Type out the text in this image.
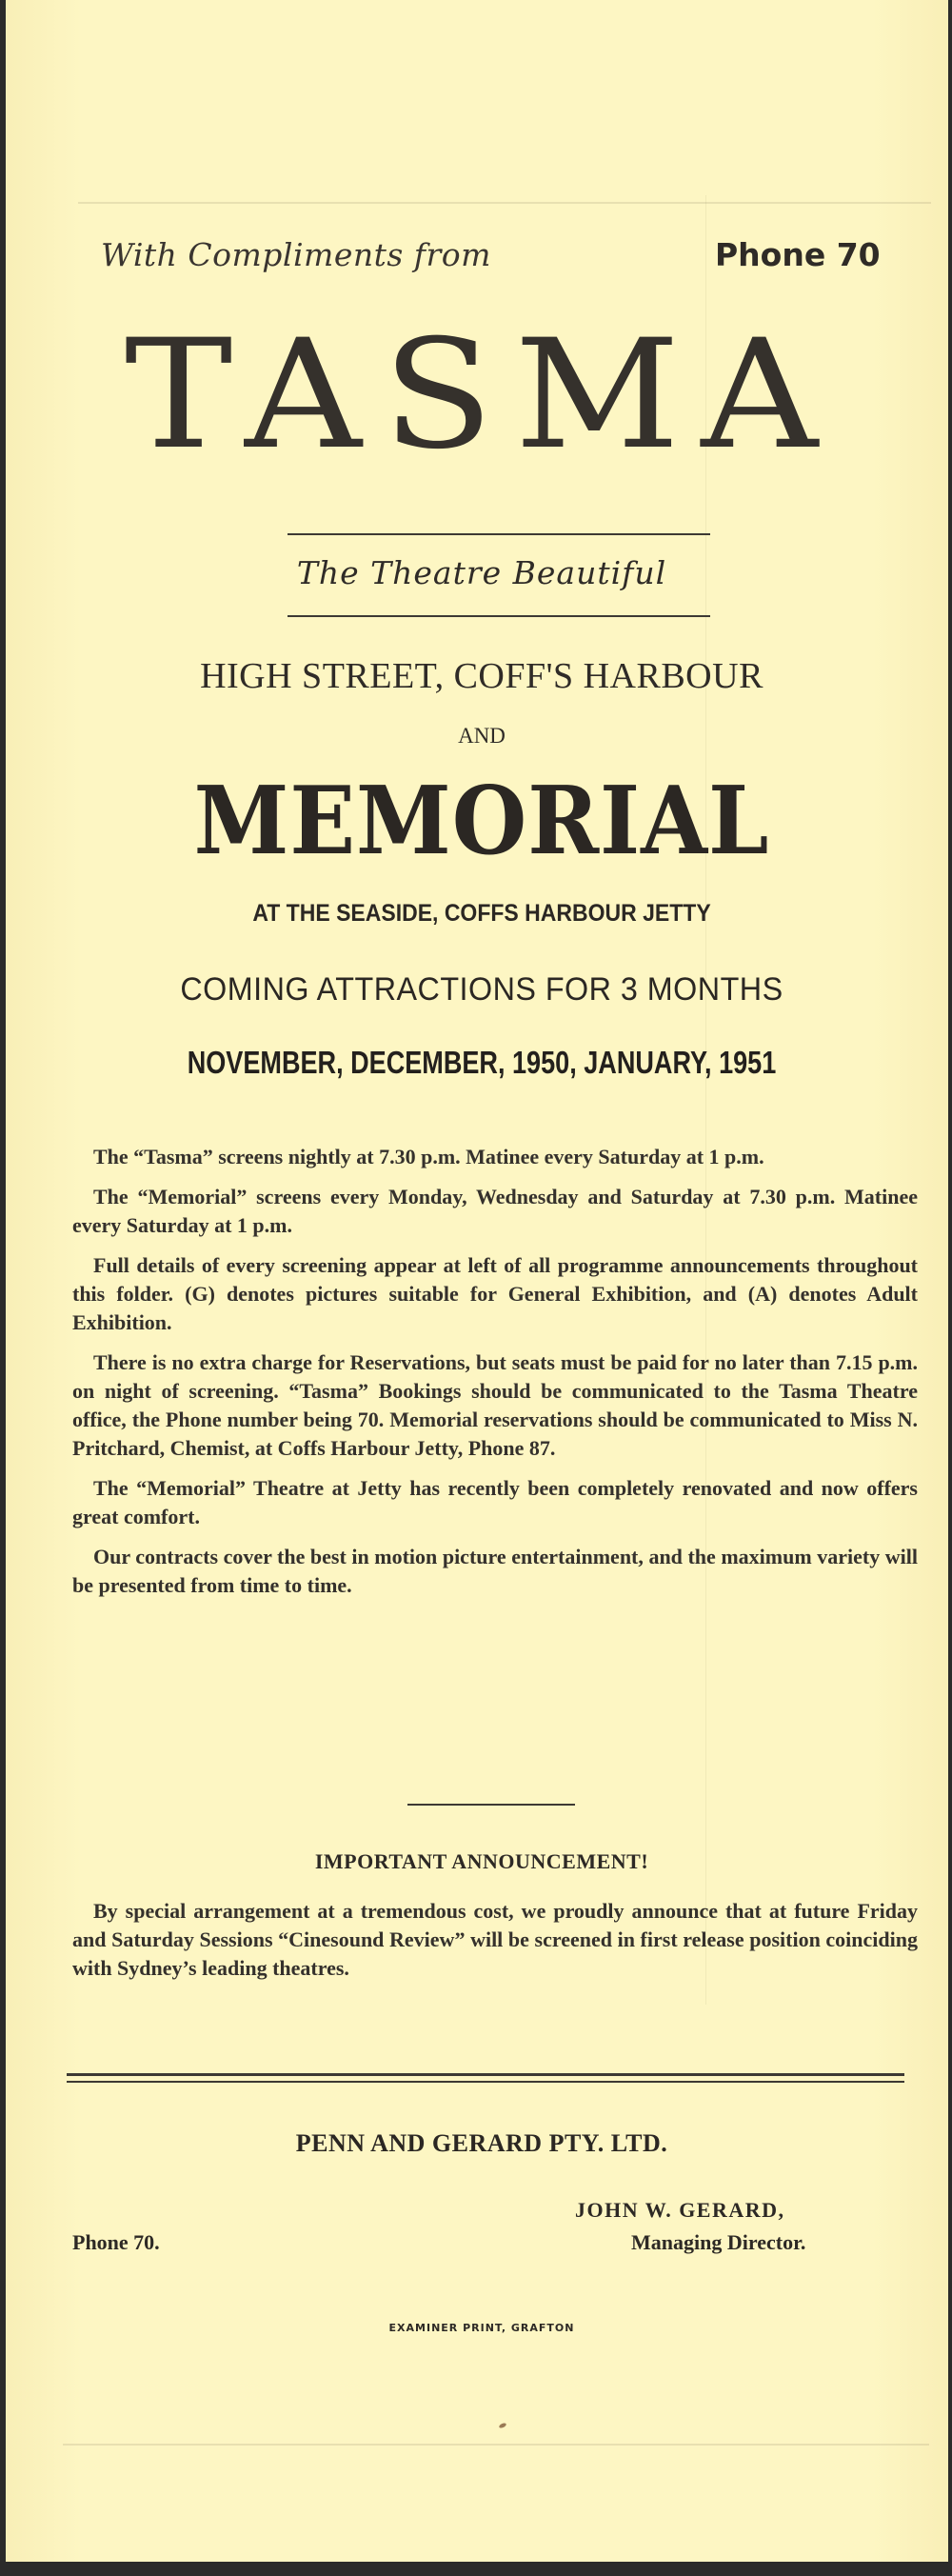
With Compliments from	Phone 70
TASMA
The Theatre Beautiful
HIGH STREET, COFF'S HARBOUR
AND
MEMORIAL
AT THE SEASIDE, COFFS HARBOUR JETTY
COMING ATTRACTIONS FOR 3 MONTHS
NOVEMBER, DECEMBER, 1950, JANUARY, 1951

The “Tasma” screens nightly at 7.30 p.m. Matinee every Saturday at 1 p.m.

The “Memorial” screens every Monday, Wednesday and Saturday at 7.30 p.m. Matinee every Saturday at 1 p.m.

Full details of every screening appear at left of all programme announcements throughout this folder. (G) denotes pictures suitable for General Exhibition, and (A) denotes Adult Exhibition.

There is no extra charge for Reservations, but seats must be paid for no later than 7.15 p.m. on night of screening. “Tasma” Bookings should be communicated to the Tasma Theatre office, the Phone number being 70. Memorial reservations should be communicated to Miss N. Pritchard, Chemist, at Coffs Harbour Jetty, Phone 87.

The “Memorial” Theatre at Jetty has recently been completely renovated and now offers great comfort.

Our contracts cover the best in motion picture entertainment, and the maximum variety will be presented from time to time.

IMPORTANT ANNOUNCEMENT!

By special arrangement at a tremendous cost, we proudly announce that at future Friday and Saturday Sessions “Cinesound Review” will be screened in first release position coinciding with Sydney’s leading theatres.

PENN AND GERARD PTY. LTD.
JOHN W. GERARD,
Phone 70.	Managing Director.
EXAMINER PRINT, GRAFTON
